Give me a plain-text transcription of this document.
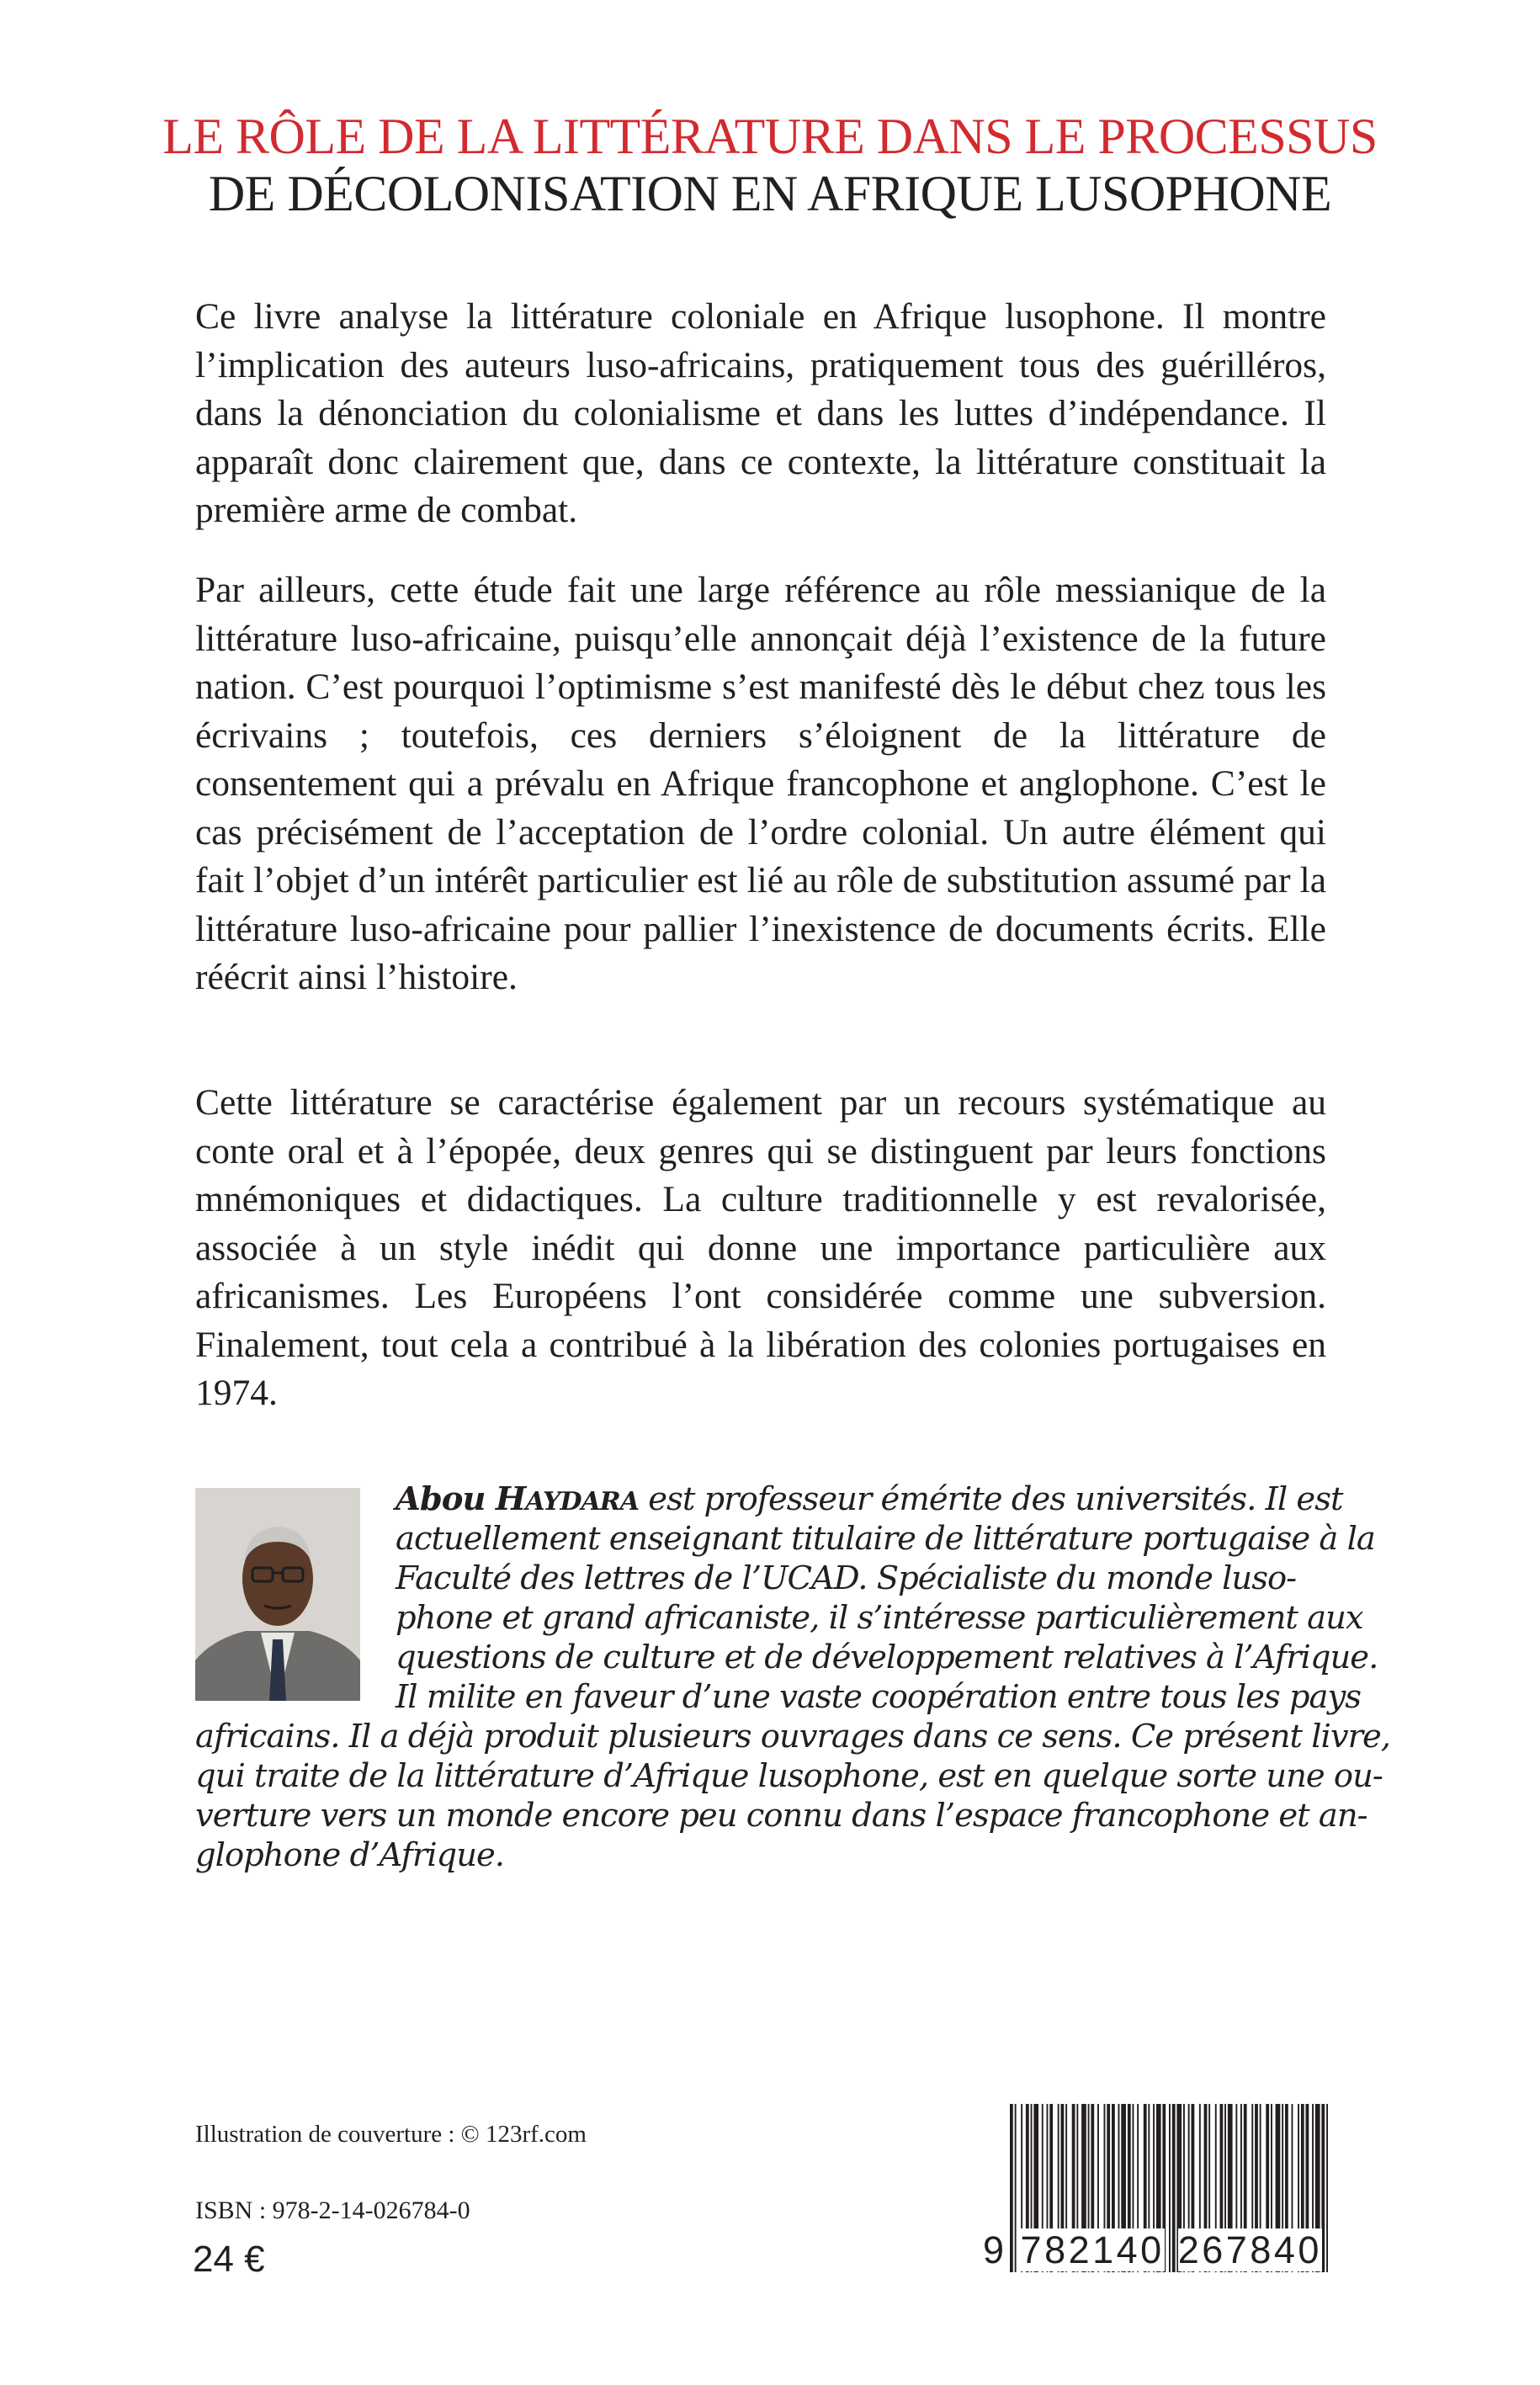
LE RÔLE DE LA LITTÉRATURE DANS LE PROCESSUS
DE DÉCOLONISATION EN AFRIQUE LUSOPHONE

Ce livre analyse la littérature coloniale en Afrique lusophone. Il montre l’implication des auteurs luso-africains, pratiquement tous des guérilléros, dans la dénonciation du colonialisme et dans les luttes d’indépendance. Il apparaît donc clairement que, dans ce contexte, la littérature constituait la première arme de combat.

Par ailleurs, cette étude fait une large référence au rôle messianique de la littérature luso-africaine, puisqu’elle annonçait déjà l’existence de la future nation. C’est pourquoi l’optimisme s’est manifesté dès le début chez tous les écrivains ; toutefois, ces derniers s’éloignent de la littérature de consentement qui a prévalu en Afrique francophone et anglophone. C’est le cas précisément de l’acceptation de l’ordre colonial. Un autre élément qui fait l’objet d’un intérêt particulier est lié au rôle de substitution assumé par la littérature luso-africaine pour pallier l’inexistence de documents écrits. Elle réécrit ainsi l’histoire.

Cette littérature se caractérise également par un recours systématique au conte oral et à l’épopée, deux genres qui se distinguent par leurs fonctions mnémoniques et didactiques. La culture traditionnelle y est revalorisée, associée à un style inédit qui donne une importance particulière aux africanismes. Les Européens l’ont considérée comme une subversion. Finalement, tout cela a contribué à la libération des colonies portugaises en 1974.

Abou HAYDARA est professeur émérite des universités. Il est
actuellement enseignant titulaire de littérature portugaise à la
Faculté des lettres de l’UCAD. Spécialiste du monde luso-
phone et grand africaniste, il s’intéresse particulièrement aux
questions de culture et de développement relatives à l’Afrique.
Il milite en faveur d’une vaste coopération entre tous les pays
africains. Il a déjà produit plusieurs ouvrages dans ce sens. Ce présent livre,
qui traite de la littérature d’Afrique lusophone, est en quelque sorte une ou-
verture vers un monde encore peu connu dans l’espace francophone et an-
glophone d’Afrique.
Illustration de couverture : © 123rf.com
ISBN : 978-2-14-026784-0
24 €	9 782140 267840
